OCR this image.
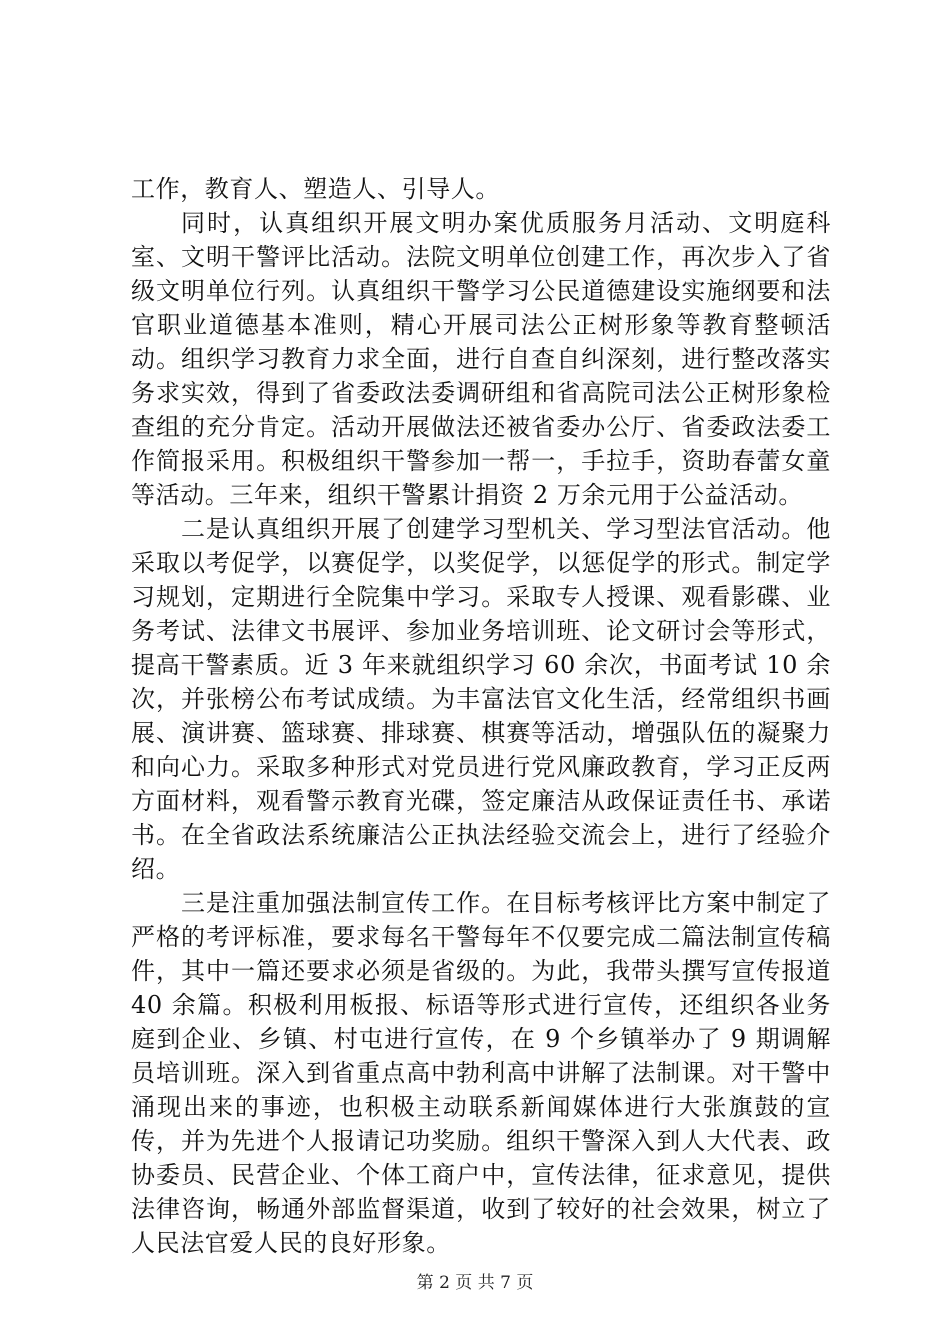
工作，教育人、塑造人、引导人。

同时，认真组织开展文明办案优质服务月活动、文明庭科室、文明干警评比活动。法院文明单位创建工作，再次步入了省级文明单位行列。认真组织干警学习公民道德建设实施纲要和法官职业道德基本准则，精心开展司法公正树形象等教育整顿活动。组织学习教育力求全面，进行自查自纠深刻，进行整改落实务求实效，得到了省委政法委调研组和省高院司法公正树形象检查组的充分肯定。活动开展做法还被省委办公厅、省委政法委工作简报采用。积极组织干警参加一帮一，手拉手，资助春蕾女童等活动。三年来，组织干警累计捐资 2 万余元用于公益活动。

二是认真组织开展了创建学习型机关、学习型法官活动。他采取以考促学，以赛促学，以奖促学，以惩促学的形式。制定学习规划，定期进行全院集中学习。采取专人授课、观看影碟、业务考试、法律文书展评、参加业务培训班、论文研讨会等形式，提高干警素质。近 3 年来就组织学习 60 余次，书面考试 10 余次，并张榜公布考试成绩。为丰富法官文化生活，经常组织书画展、演讲赛、篮球赛、排球赛、棋赛等活动，增强队伍的凝聚力和向心力。采取多种形式对党员进行党风廉政教育，学习正反两方面材料，观看警示教育光碟，签定廉洁从政保证责任书、承诺书。在全省政法系统廉洁公正执法经验交流会上，进行了经验介绍。

三是注重加强法制宣传工作。在目标考核评比方案中制定了严格的考评标准，要求每名干警每年不仅要完成二篇法制宣传稿件，其中一篇还要求必须是省级的。为此，我带头撰写宣传报道 40 余篇。积极利用板报、标语等形式进行宣传，还组织各业务庭到企业、乡镇、村屯进行宣传，在 9 个乡镇举办了 9 期调解员培训班。深入到省重点高中勃利高中讲解了法制课。对干警中涌现出来的事迹，也积极主动联系新闻媒体进行大张旗鼓的宣传，并为先进个人报请记功奖励。组织干警深入到人大代表、政协委员、民营企业、个体工商户中，宣传法律，征求意见，提供法律咨询，畅通外部监督渠道，收到了较好的社会效果，树立了人民法官爱人民的良好形象。

第 2 页 共 7 页
